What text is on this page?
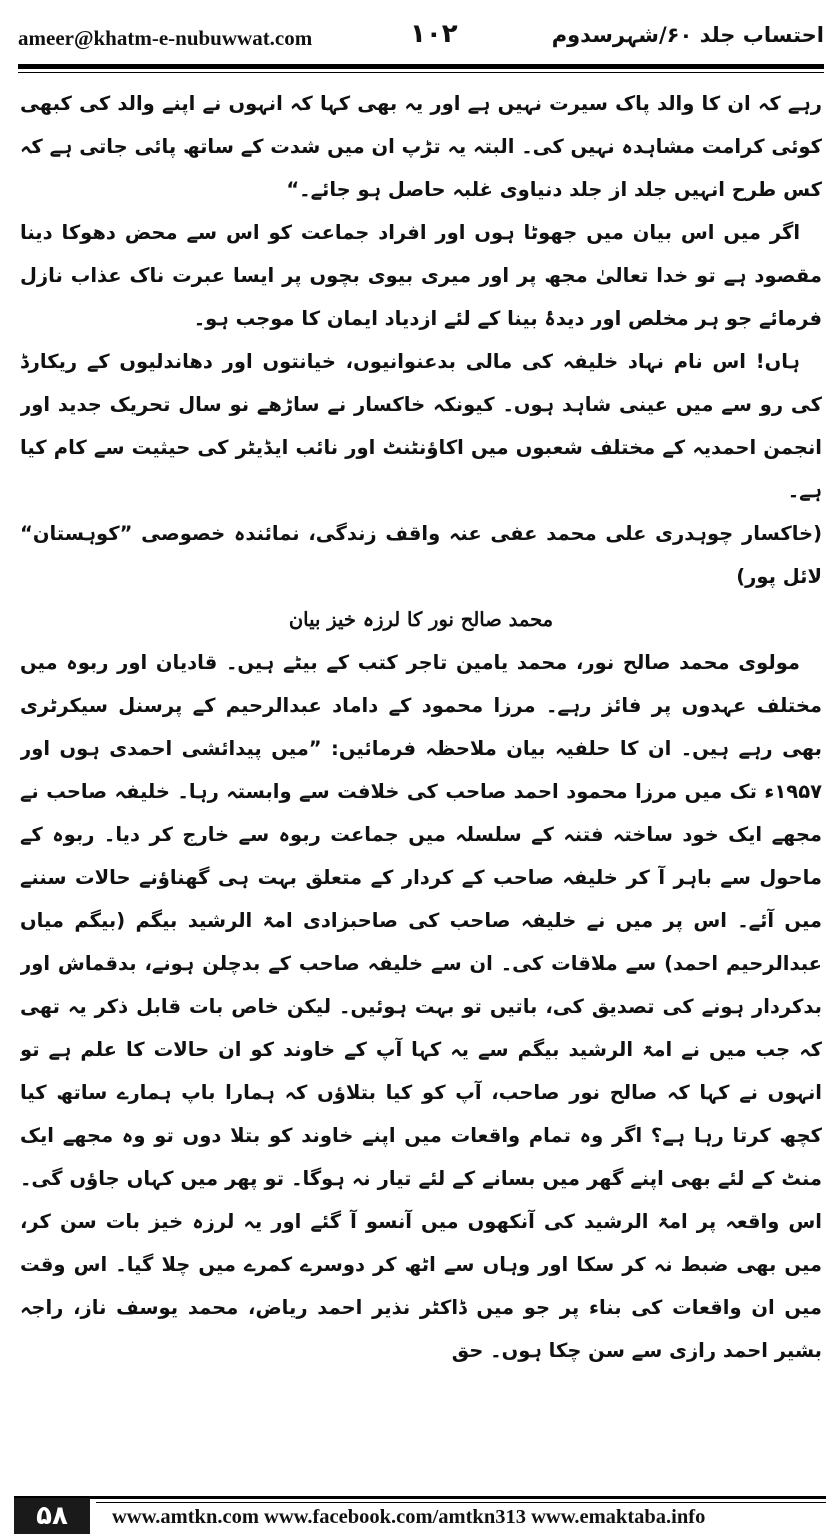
ameer@khatm-e-nubuwwat.com	۱۰۲	احتساب جلد ۶۰/شہرسدوم

رہے کہ ان کا والد پاک سیرت نہیں ہے اور یہ بھی کہا کہ انہوں نے اپنے والد کی کبھی کوئی کرامت مشاہدہ نہیں کی۔ البتہ یہ تڑپ ان میں شدت کے ساتھ پائی جاتی ہے کہ کس طرح انہیں جلد از جلد دنیاوی غلبہ حاصل ہو جائے۔“

اگر میں اس بیان میں جھوٹا ہوں اور افراد جماعت کو اس سے محض دھوکا دینا مقصود ہے تو خدا تعالیٰ مجھ پر اور میری بیوی بچوں پر ایسا عبرت ناک عذاب نازل فرمائے جو ہر مخلص اور دیدۂ بینا کے لئے ازدیاد ایمان کا موجب ہو۔

ہاں! اس نام نہاد خلیفہ کی مالی بدعنوانیوں، خیانتوں اور دھاندلیوں کے ریکارڈ کی رو سے میں عینی شاہد ہوں۔ کیونکہ خاکسار نے ساڑھے نو سال تحریک جدید اور انجمن احمدیہ کے مختلف شعبوں میں اکاؤنٹنٹ اور نائب ایڈیٹر کی حیثیت سے کام کیا ہے۔

(خاکسار چوہدری علی محمد عفی عنہ واقف زندگی، نمائندہ خصوصی ”کوہستان“ لائل پور)

محمد صالح نور کا لرزہ خیز بیان

مولوی محمد صالح نور، محمد یامین تاجر کتب کے بیٹے ہیں۔ قادیان اور ربوہ میں مختلف عہدوں پر فائز رہے۔ مرزا محمود کے داماد عبدالرحیم کے پرسنل سیکرٹری بھی رہے ہیں۔ ان کا حلفیہ بیان ملاحظہ فرمائیں: ”میں پیدائشی احمدی ہوں اور ۱۹۵۷ء تک میں مرزا محمود احمد صاحب کی خلافت سے وابستہ رہا۔ خلیفہ صاحب نے مجھے ایک خود ساختہ فتنہ کے سلسلہ میں جماعت ربوہ سے خارج کر دیا۔ ربوہ کے ماحول سے باہر آ کر خلیفہ صاحب کے کردار کے متعلق بہت ہی گھناؤنے حالات سننے میں آئے۔ اس پر میں نے خلیفہ صاحب کی صاحبزادی امۃ الرشید بیگم (بیگم میاں عبدالرحیم احمد) سے ملاقات کی۔ ان سے خلیفہ صاحب کے بدچلن ہونے، بدقماش اور بدکردار ہونے کی تصدیق کی، باتیں تو بہت ہوئیں۔ لیکن خاص بات قابل ذکر یہ تھی کہ جب میں نے امۃ الرشید بیگم سے یہ کہا آپ کے خاوند کو ان حالات کا علم ہے تو انہوں نے کہا کہ صالح نور صاحب، آپ کو کیا بتلاؤں کہ ہمارا باپ ہمارے ساتھ کیا کچھ کرتا رہا ہے؟ اگر وہ تمام واقعات میں اپنے خاوند کو بتلا دوں تو وہ مجھے ایک منٹ کے لئے بھی اپنے گھر میں بسانے کے لئے تیار نہ ہوگا۔ تو پھر میں کہاں جاؤں گی۔ اس واقعہ پر امۃ الرشید کی آنکھوں میں آنسو آ گئے اور یہ لرزہ خیز بات سن کر، میں بھی ضبط نہ کر سکا اور وہاں سے اٹھ کر دوسرے کمرے میں چلا گیا۔ اس وقت میں ان واقعات کی بناء پر جو میں ڈاکٹر نذیر احمد ریاض، محمد یوسف ناز، راجہ بشیر احمد رازی سے سن چکا ہوں۔ حق

۵۸	www.amtkn.com www.facebook.com/amtkn313 www.emaktaba.info
